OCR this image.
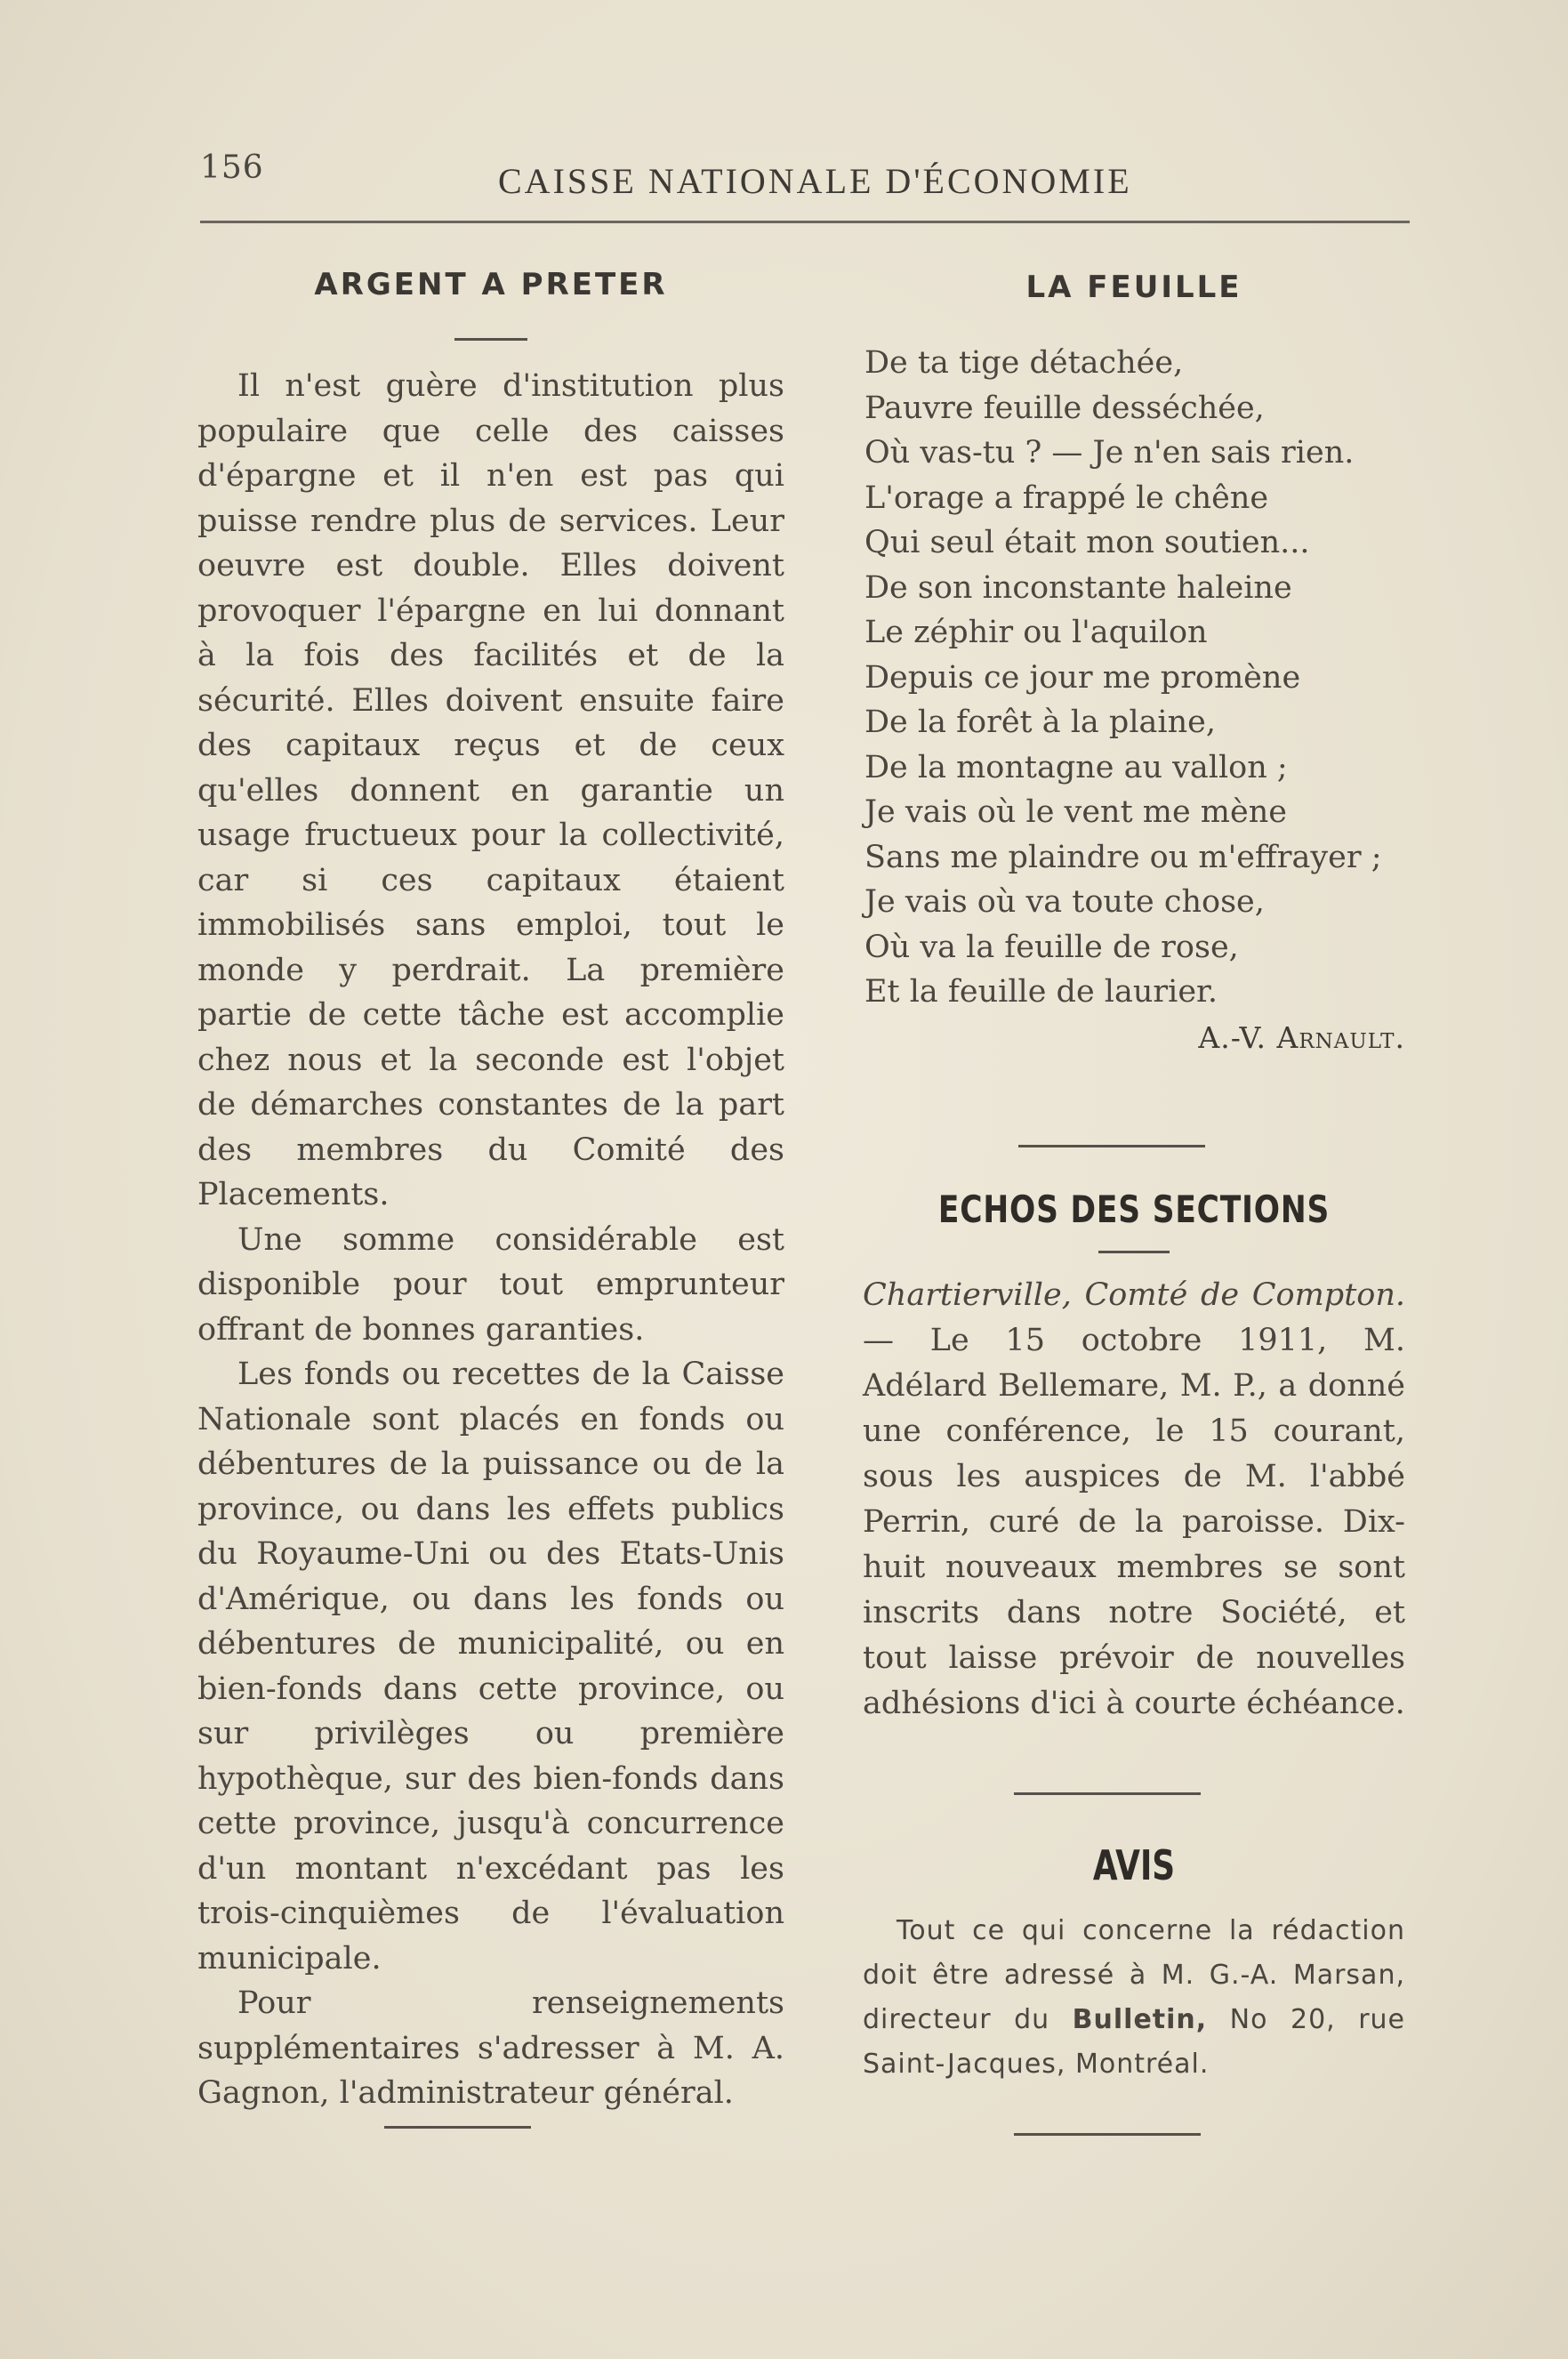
156	CAISSE NATIONALE D'ÉCONOMIE
ARGENT A PRETER

Il n'est guère d'institution plus populaire que celle des caisses d'épargne et il n'en est pas qui puisse rendre plus de services. Leur oeuvre est double. Elles doivent provoquer l'épargne en lui donnant à la fois des facilités et de la sécurité. Elles doivent ensuite faire des capitaux reçus et de ceux qu'elles donnent en garantie un usage fructueux pour la collectivité, car si ces capitaux étaient immobilisés sans emploi, tout le monde y perdrait. La première partie de cette tâche est accomplie chez nous et la seconde est l'objet de démarches constantes de la part des membres du Comité des Placements.

Une somme considérable est disponible pour tout emprunteur offrant de bonnes garanties.

Les fonds ou recettes de la Caisse Nationale sont placés en fonds ou débentures de la puissance ou de la province, ou dans les effets publics du Royaume-Uni ou des Etats-Unis d'Amérique, ou dans les fonds ou débentures de municipalité, ou en bien-fonds dans cette province, ou sur privilèges ou première hypothèque, sur des bien-fonds dans cette province, jusqu'à concurrence d'un montant n'excédant pas les trois-cinquièmes de l'évaluation municipale.

Pour renseignements supplémentaires s'adresser à M. A. Gagnon, l'administrateur général.

LA FEUILLE
De ta tige détachée,
Pauvre feuille desséchée,
Où vas-tu ? — Je n'en sais rien.
L'orage a frappé le chêne
Qui seul était mon soutien...
De son inconstante haleine
Le zéphir ou l'aquilon
Depuis ce jour me promène
De la forêt à la plaine,
De la montagne au vallon ;
Je vais où le vent me mène
Sans me plaindre ou m'effrayer ;
Je vais où va toute chose,
Où va la feuille de rose,
Et la feuille de laurier.
A.-V. Arnault.
ECHOS DES SECTIONS
Chartierville, Comté de Compton. — Le 15 octobre 1911, M. Adélard Bellemare, M. P., a donné une conférence, le 15 courant, sous les auspices de M. l'abbé Perrin, curé de la paroisse. Dix-huit nouveaux membres se sont inscrits dans notre Société, et tout laisse prévoir de nouvelles adhésions d'ici à courte échéance.
AVIS
Tout ce qui concerne la rédaction doit être adressé à M. G.-A. Marsan, directeur du Bulletin, No 20, rue Saint-Jacques, Montréal.
